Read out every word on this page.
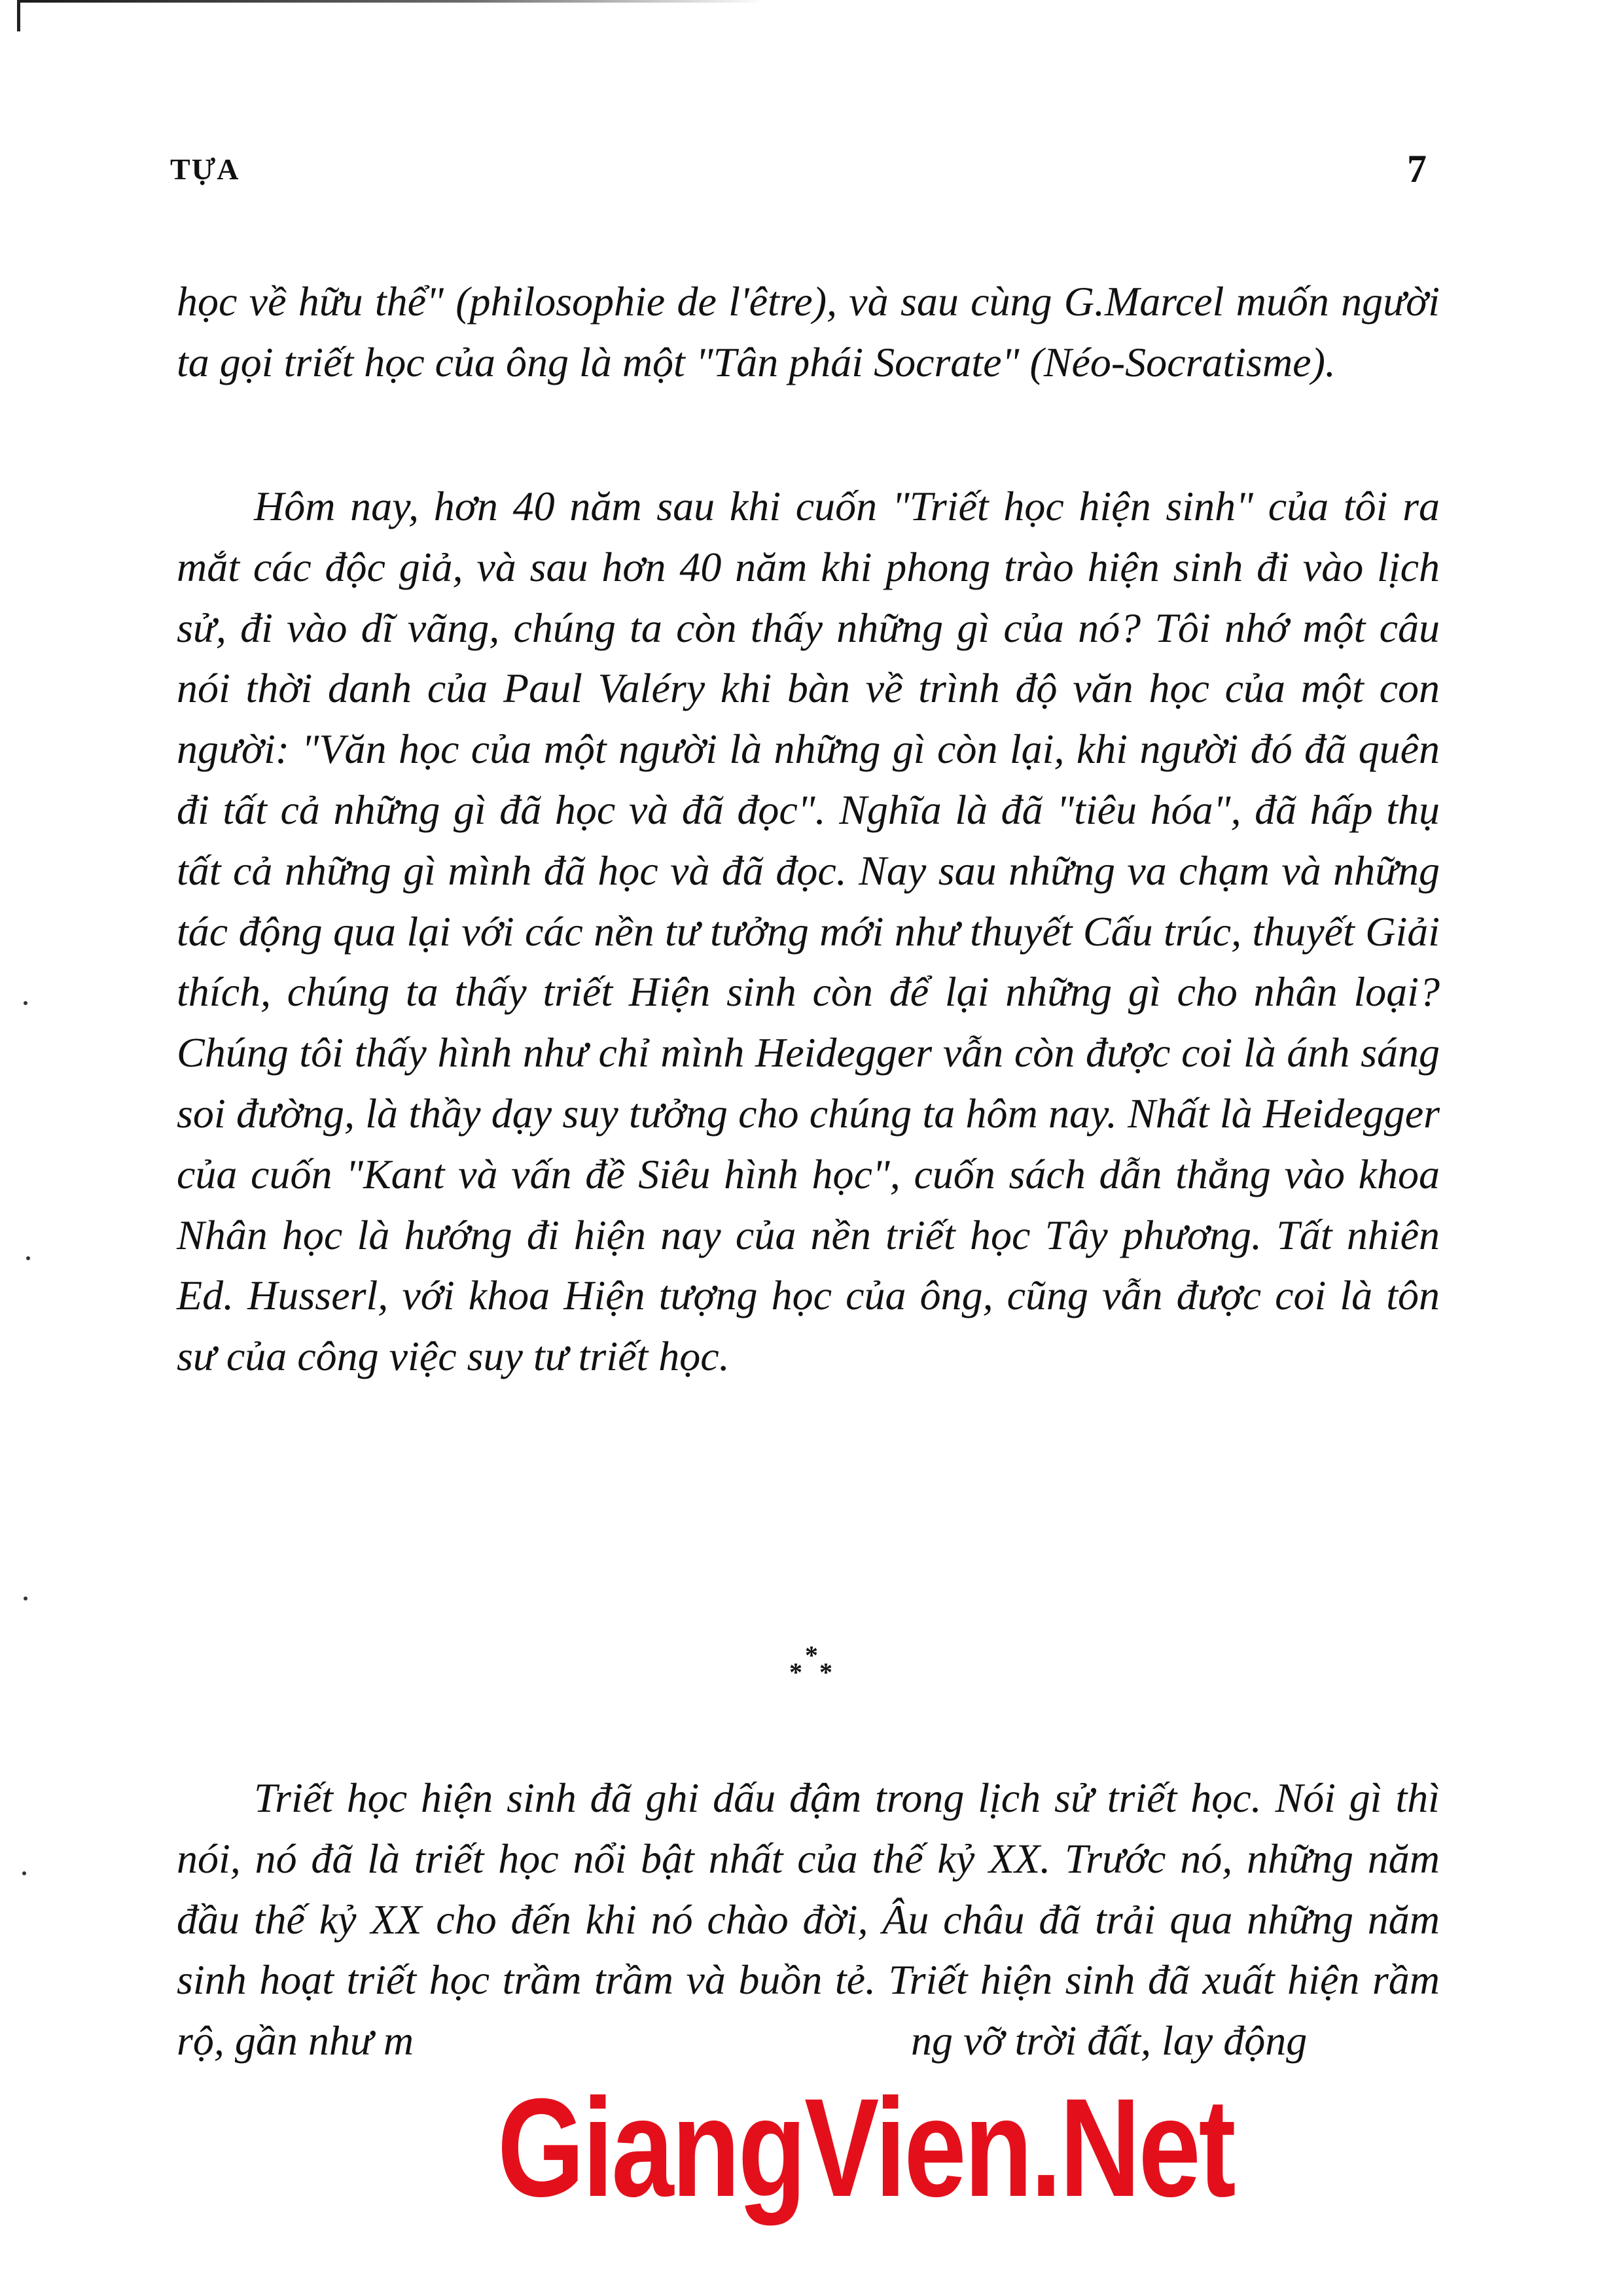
TỰA	7

học về hữu thể" (philosophie de l'être), và sau cùng G.Marcel muốn người ta gọi triết học của ông là một "Tân phái Socrate" (Néo-Socratisme).

Hôm nay, hơn 40 năm sau khi cuốn "Triết học hiện sinh" của tôi ra mắt các độc giả, và sau hơn 40 năm khi phong trào hiện sinh đi vào lịch sử, đi vào dĩ vãng, chúng ta còn thấy những gì của nó? Tôi nhớ một câu nói thời danh của Paul Valéry khi bàn về trình độ văn học của một con người: "Văn học của một người là những gì còn lại, khi người đó đã quên đi tất cả những gì đã học và đã đọc". Nghĩa là đã "tiêu hóa", đã hấp thụ tất cả những gì mình đã học và đã đọc. Nay sau những va chạm và những tác động qua lại với các nền tư tưởng mới như thuyết Cấu trúc, thuyết Giải thích, chúng ta thấy triết Hiện sinh còn để lại những gì cho nhân loại? Chúng tôi thấy hình như chỉ mình Heidegger vẫn còn được coi là ánh sáng soi đường, là thầy dạy suy tưởng cho chúng ta hôm nay. Nhất là Heidegger của cuốn "Kant và vấn đề Siêu hình học", cuốn sách dẫn thẳng vào khoa Nhân học là hướng đi hiện nay của nền triết học Tây phương. Tất nhiên Ed. Husserl, với khoa Hiện tượng học của ông, cũng vẫn được coi là tôn sư của công việc suy tư triết học.

*
* *

Triết học hiện sinh đã ghi dấu đậm trong lịch sử triết học. Nói gì thì nói, nó đã là triết học nổi bật nhất của thế kỷ XX. Trước nó, những năm đầu thế kỷ XX cho đến khi nó chào đời, Âu châu đã trải qua những năm sinh hoạt triết học trầm trầm và buồn tẻ. Triết hiện sinh đã xuất hiện rầm rộ, gần như m	ng vỡ trời đất, lay động

GiangVien.Net
